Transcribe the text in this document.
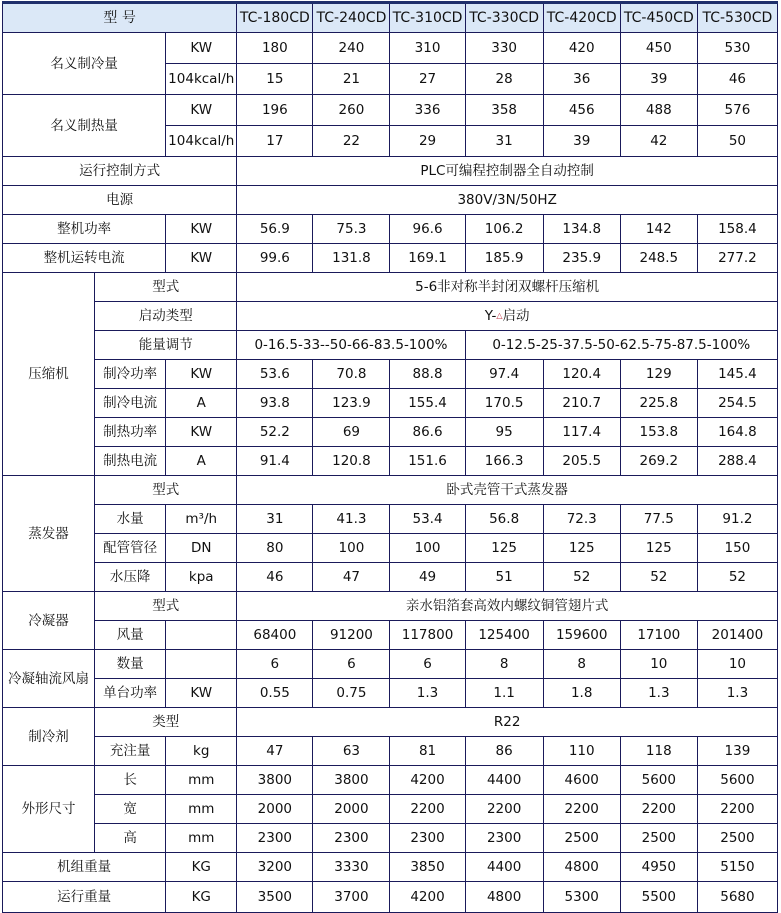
型 号			TC-180CD	TC-240CD	TC-310CD	TC-330CD	TC-420CD	TC-450CD	TC-530CD
名义制冷量		KW	180	240	310	330	420	450	530
		104kcal/h	15	21	27	28	36	39	46
名义制热量		KW	196	260	336	358	456	488	576
		104kcal/h	17	22	29	31	39	42	50
运行控制方式			PLC可编程控制器全自动控制						
电源			380V/3N/50HZ						
整机功率		KW	56.9	75.3	96.6	106.2	134.8	142	158.4
整机运转电流		KW	99.6	131.8	169.1	185.9	235.9	248.5	277.2
压缩机	型式		5-6非对称半封闭双螺杆压缩机						
	启动类型		Y-△启动						
	能量调节		0-16.5-33--50-66-83.5-100%			0-12.5-25-37.5-50-62.5-75-87.5-100%			
	制冷功率	KW	53.6	70.8	88.8	97.4	120.4	129	145.4
	制冷电流	A	93.8	123.9	155.4	170.5	210.7	225.8	254.5
	制热功率	KW	52.2	69	86.6	95	117.4	153.8	164.8
	制热电流	A	91.4	120.8	151.6	166.3	205.5	269.2	288.4
蒸发器	型式		卧式壳管干式蒸发器						
	水量	m³/h	31	41.3	53.4	56.8	72.3	77.5	91.2
	配管管径	DN	80	100	100	125	125	125	150
	水压降	kpa	46	47	49	51	52	52	52
冷凝器	型式		亲水铝箔套高效内螺纹铜管翅片式						
	风量		68400	91200	117800	125400	159600	17100	201400
冷凝轴流风扇	数量		6	6	6	8	8	10	10
	单台功率	KW	0.55	0.75	1.3	1.1	1.8	1.3	1.3
制冷剂	类型		R22						
	充注量	kg	47	63	81	86	110	118	139
外形尺寸	长	mm	3800	3800	4200	4400	4600	5600	5600
	宽	mm	2000	2000	2200	2200	2200	2200	2200
	高	mm	2300	2300	2300	2300	2500	2500	2500
机组重量		KG	3200	3330	3850	4400	4800	4950	5150
运行重量		KG	3500	3700	4200	4800	5300	5500	5680
